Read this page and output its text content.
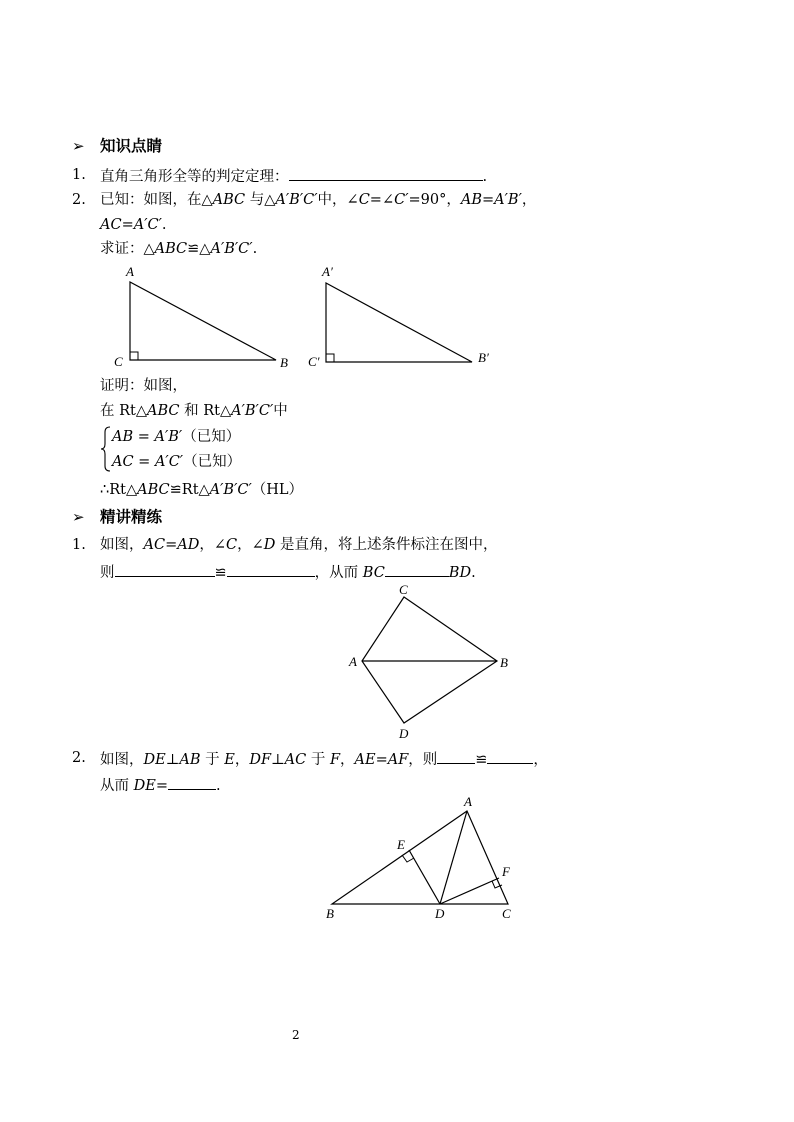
➢ 知识点睛
1. 直角三角形全等的判定定理：	.
2. 已知：如图，在△ABC 与△A′B′C′中，∠C=∠C′=90°，AB=A′B′，
AC=A′C′.
求证：△ABC≌△A′B′C′.
A
B
C
A′
B′
C′
证明：如图，
在 Rt△ABC 和 Rt△A′B′C′中
AB = A′B′（已知）
AC = A′C′（已知）
∴Rt△ABC≌Rt△A′B′C′（HL）
➢ 精讲精练
1. 如图，AC=AD，∠C，∠D 是直角，将上述条件标注在图中，
则	≌	，从而 BC	BD.
C
B
D
A
2. 如图，DE⊥AB 于 E，DF⊥AC 于 F，AE=AF，则	≌	，
从而 DE=	.
A
B	C
D
E
F
2
